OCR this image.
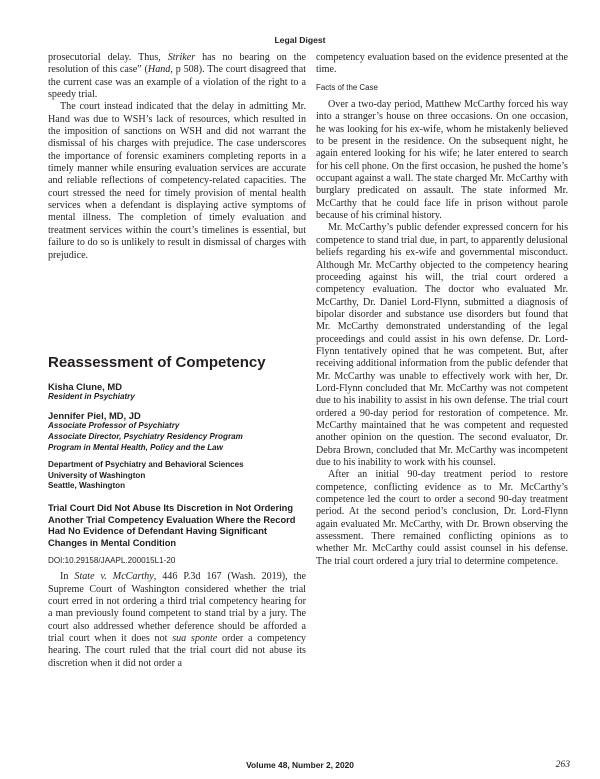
Legal Digest

prosecutorial delay. Thus, Striker has no bearing on the resolution of this case” (Hand, p 508). The court disagreed that the current case was an example of a violation of the right to a speedy trial.

The court instead indicated that the delay in admitting Mr. Hand was due to WSH’s lack of resources, which resulted in the imposition of sanctions on WSH and did not warrant the dismissal of his charges with prejudice. The case underscores the importance of forensic examiners completing reports in a timely manner while ensuring evaluation services are accurate and reliable reflections of competency-related capacities. The court stressed the need for timely provision of mental health services when a defendant is displaying active symptoms of mental illness. The completion of timely evaluation and treatment services within the court’s timelines is essential, but failure to do so is unlikely to result in dismissal of charges with prejudice.

Reassessment of Competency
Kisha Clune, MD
Resident in Psychiatry
Jennifer Piel, MD, JD
Associate Professor of Psychiatry
Associate Director, Psychiatry Residency Program
Program in Mental Health, Policy and the Law
Department of Psychiatry and Behavioral Sciences
University of Washington
Seattle, Washington
Trial Court Did Not Abuse Its Discretion in Not Ordering Another Trial Competency Evaluation Where the Record Had No Evidence of Defendant Having Significant Changes in Mental Condition
DOI:10.29158/JAAPL.200015L1-20

In State v. McCarthy, 446 P.3d 167 (Wash. 2019), the Supreme Court of Washington considered whether the trial court erred in not ordering a third trial competency hearing for a man previously found competent to stand trial by a jury. The court also addressed whether deference should be afforded a trial court when it does not sua sponte order a competency hearing. The court ruled that the trial court did not abuse its discretion when it did not order a

competency evaluation based on the evidence presented at the time.

Facts of the Case

Over a two-day period, Matthew McCarthy forced his way into a stranger’s house on three occasions. On one occasion, he was looking for his ex-wife, whom he mistakenly believed to be present in the residence. On the subsequent night, he again entered looking for his wife; he later entered to search for his cell phone. On the first occasion, he pushed the home’s occupant against a wall. The state charged Mr. McCarthy with burglary predicated on assault. The state informed Mr. McCarthy that he could face life in prison without parole because of his criminal history.

Mr. McCarthy’s public defender expressed concern for his competence to stand trial due, in part, to apparently delusional beliefs regarding his ex-wife and governmental misconduct. Although Mr. McCarthy objected to the competency hearing proceeding against his will, the trial court ordered a competency evaluation. The doctor who evaluated Mr. McCarthy, Dr. Daniel Lord-Flynn, submitted a diagnosis of bipolar disorder and substance use disorders but found that Mr. McCarthy demonstrated understanding of the legal proceedings and could assist in his own defense. Dr. Lord-Flynn tentatively opined that he was competent. But, after receiving additional information from the public defender that Mr. McCarthy was unable to effectively work with her, Dr. Lord-Flynn concluded that Mr. McCarthy was not competent due to his inability to assist in his own defense. The trial court ordered a 90-day period for restoration of competence. Mr. McCarthy maintained that he was competent and requested another opinion on the question. The second evaluator, Dr. Debra Brown, concluded that Mr. McCarthy was incompetent due to his inability to work with his counsel.

After an initial 90-day treatment period to restore competence, conflicting evidence as to Mr. McCarthy’s competence led the court to order a second 90-day treatment period. At the second period’s conclusion, Dr. Lord-Flynn again evaluated Mr. McCarthy, with Dr. Brown observing the assessment. There remained conflicting opinions as to whether Mr. McCarthy could assist counsel in his defense. The trial court ordered a jury trial to determine competence.

Volume 48, Number 2, 2020	263
